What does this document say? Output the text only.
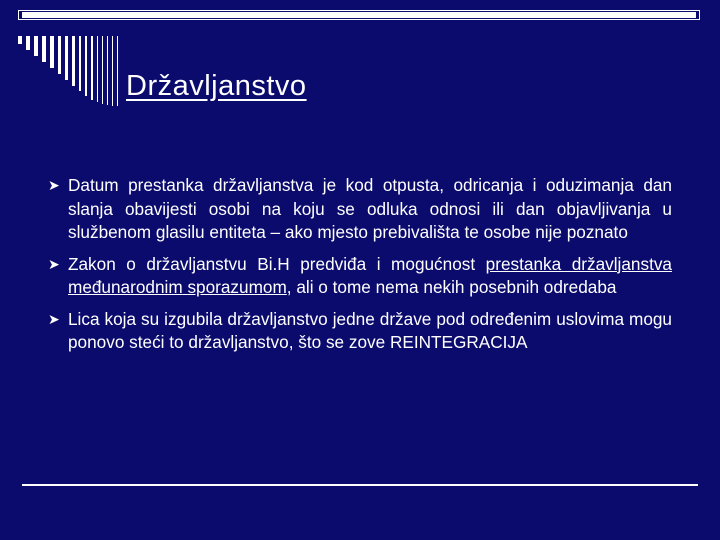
Državljanstvo
➤ Datum prestanka državljanstva je kod otpusta, odricanja i oduzimanja dan slanja obavijesti osobi na koju se odluka odnosi ili dan objavljivanja u službenom glasilu entiteta – ako mjesto prebivališta te osobe nije poznato
➤ Zakon o državljanstvu Bi.H predviđa i mogućnost prestanka državljanstva međunarodnim sporazumom, ali o tome nema nekih posebnih odredaba
➤ Lica koja su izgubila državljanstvo jedne države pod određenim uslovima mogu ponovo steći to državljanstvo, što se zove REINTEGRACIJA
